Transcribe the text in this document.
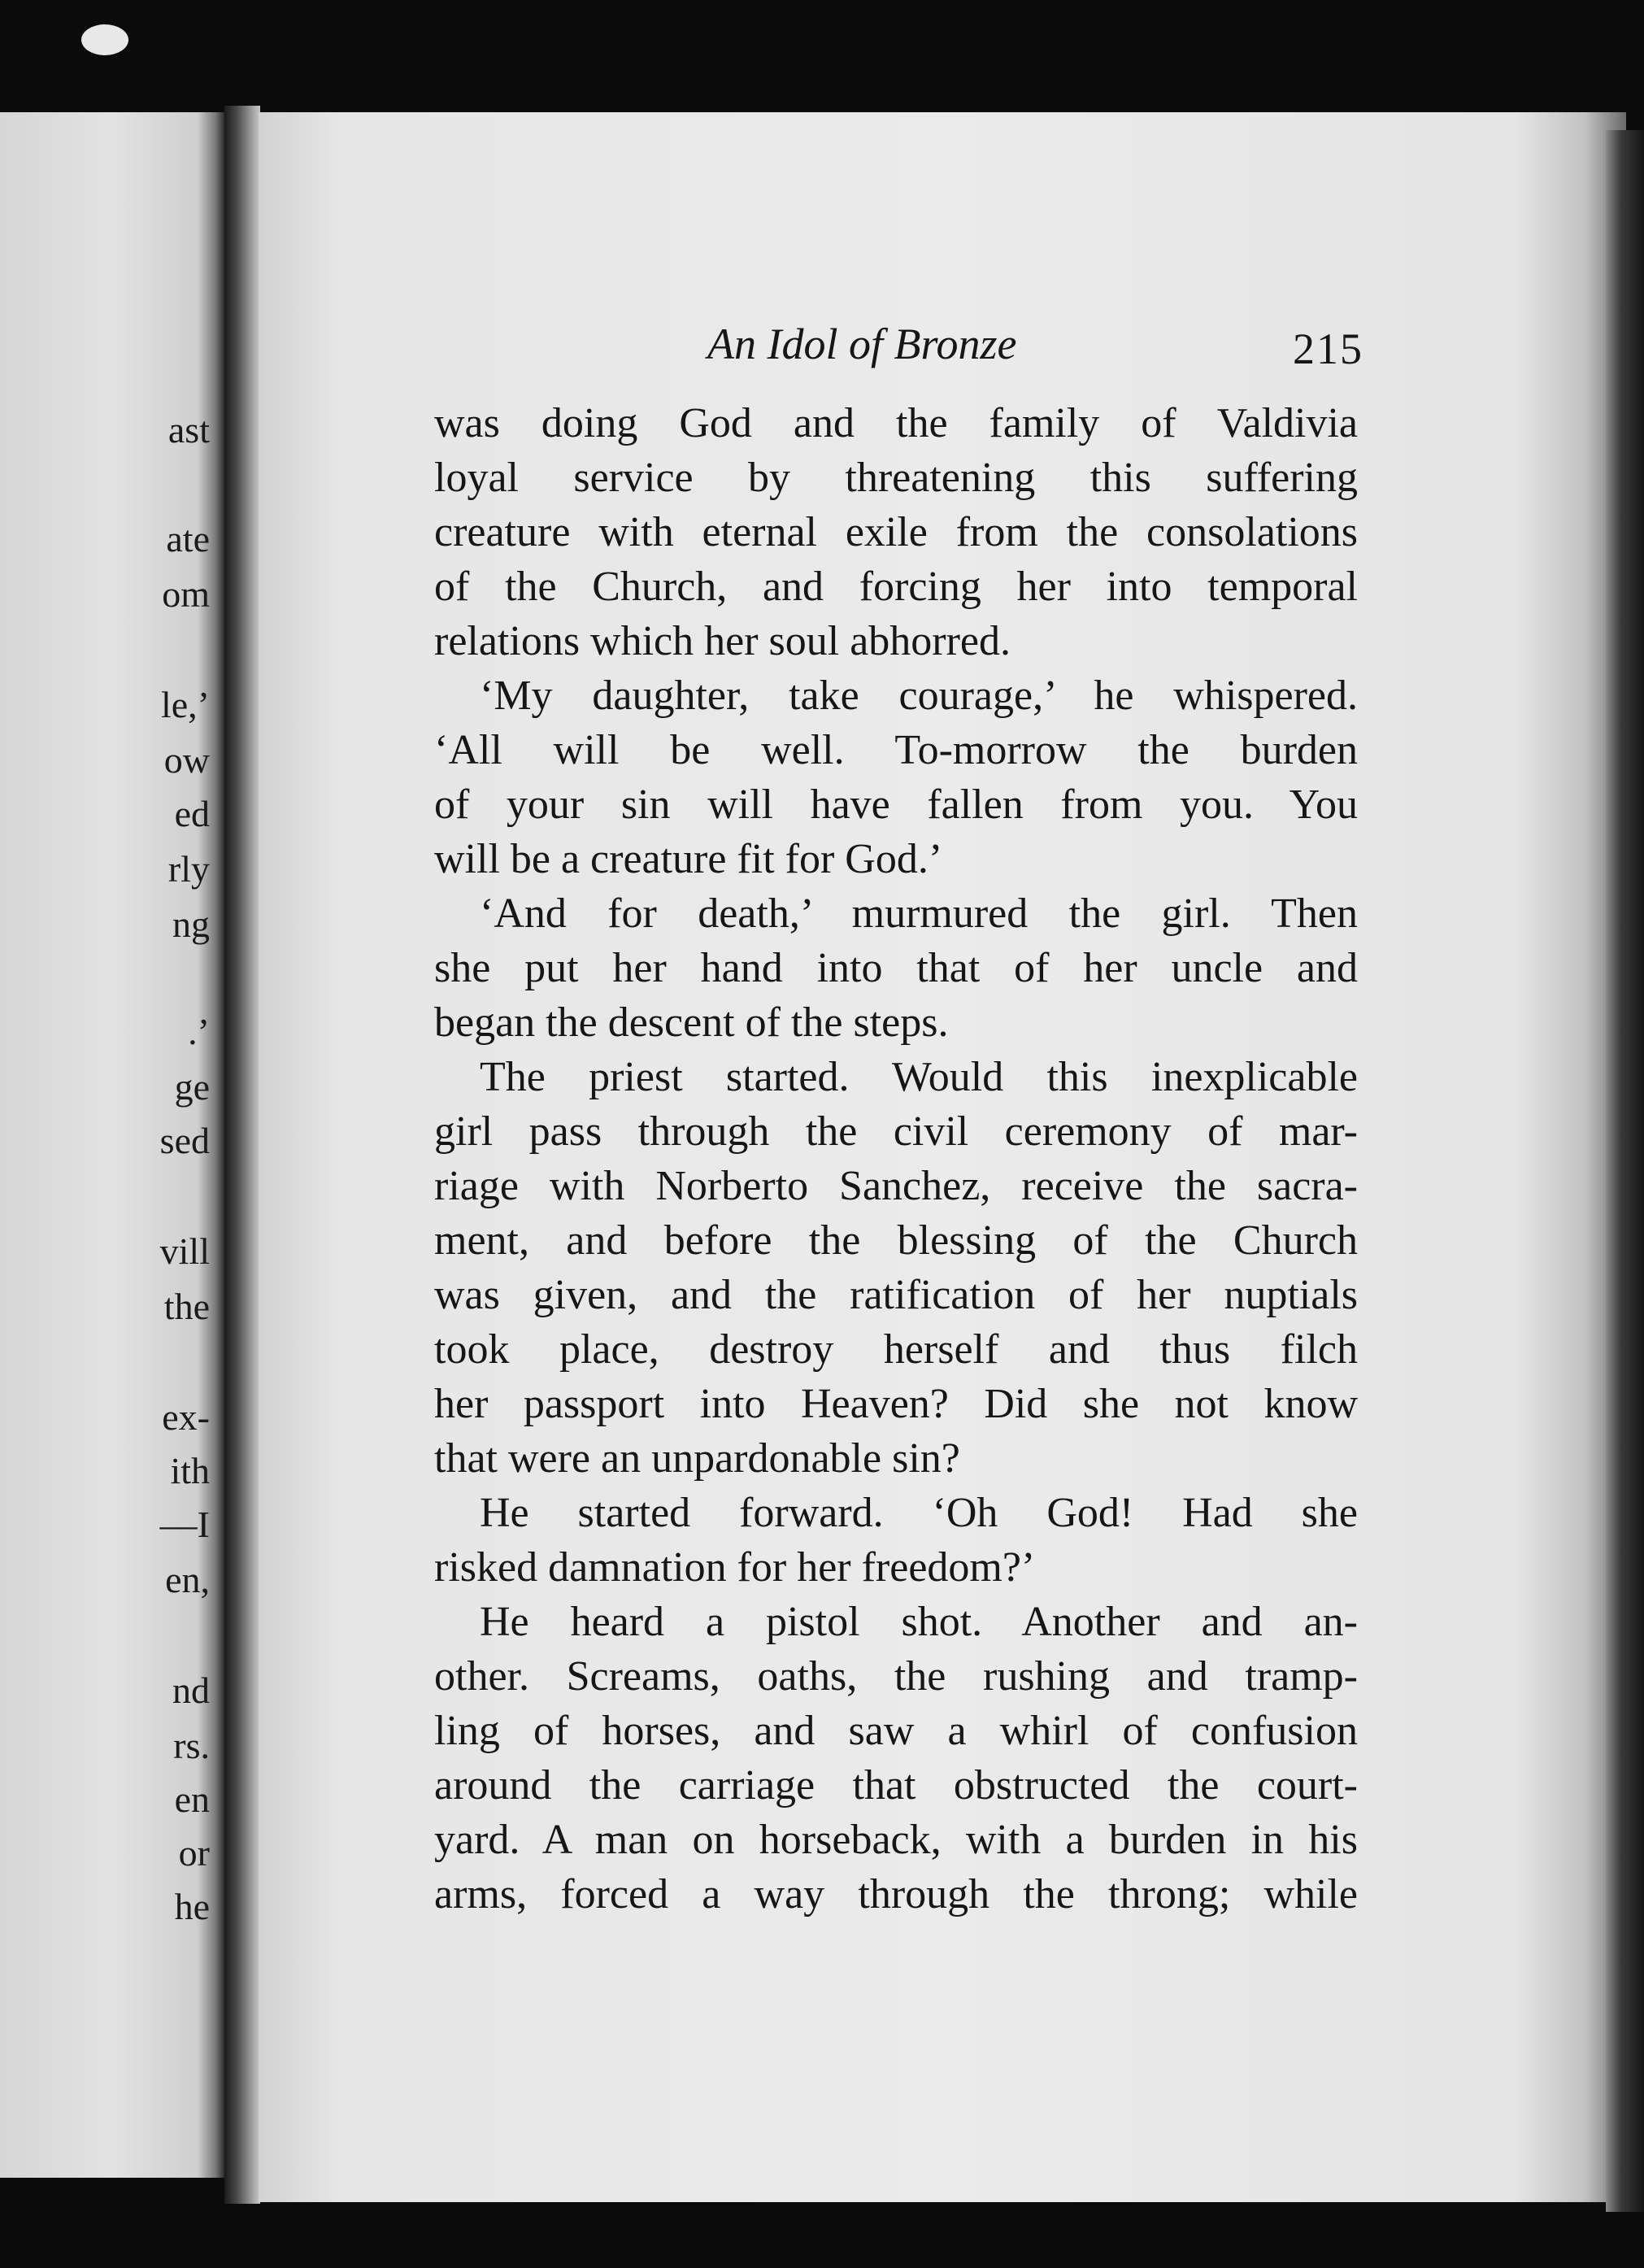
ast
ate
om
le,’
ow
ed
rly
ng
.’
ge
sed
vill
the
ex-
ith
—I
en,
nd
rs.
en
or
he
An Idol of Bronze	215
was doing God and the family of Valdivia
loyal service by threatening this suffering
creature with eternal exile from the consolations
of the Church, and forcing her into temporal
relations which her soul abhorred.
‘My daughter, take courage,’ he whispered.
‘All will be well. To-morrow the burden
of your sin will have fallen from you. You
will be a creature fit for God.’
‘And for death,’ murmured the girl. Then
she put her hand into that of her uncle and
began the descent of the steps.
The priest started. Would this inexplicable
girl pass through the civil ceremony of mar-
riage with Norberto Sanchez, receive the sacra-
ment, and before the blessing of the Church
was given, and the ratification of her nuptials
took place, destroy herself and thus filch
her passport into Heaven? Did she not know
that were an unpardonable sin?
He started forward. ‘Oh God! Had she
risked damnation for her freedom?’
He heard a pistol shot. Another and an-
other. Screams, oaths, the rushing and tramp-
ling of horses, and saw a whirl of confusion
around the carriage that obstructed the court-
yard. A man on horseback, with a burden in his
arms, forced a way through the throng; while
